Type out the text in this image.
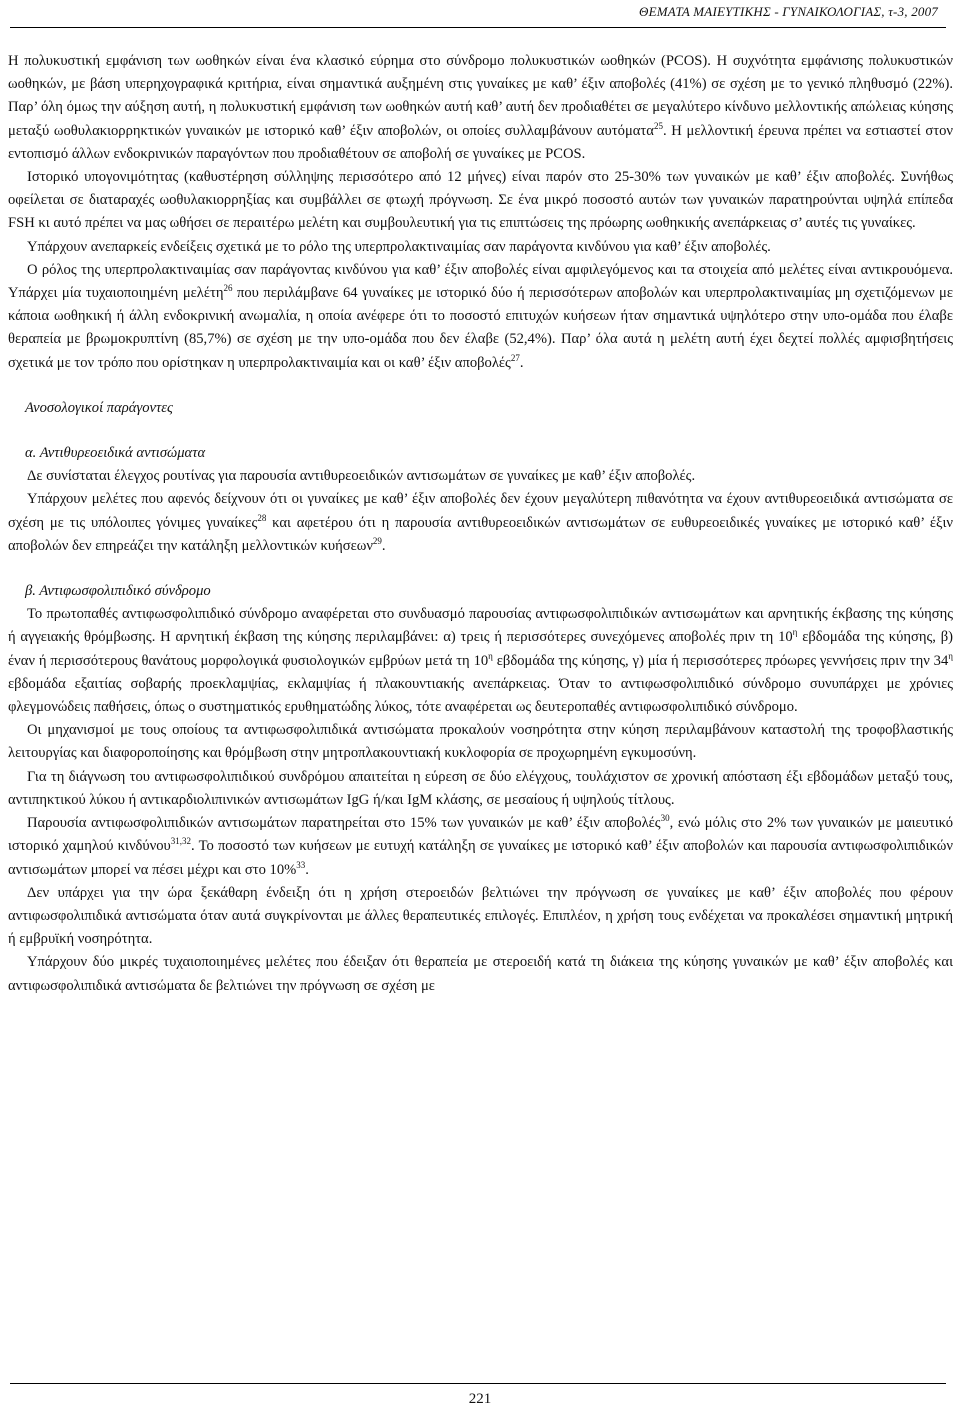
ΘΕΜΑΤΑ ΜΑΙΕΥΤΙΚΗΣ - ΓΥΝΑΙΚΟΛΟΓΙΑΣ, τ-3, 2007

Η πολυκυστική εμφάνιση των ωοθηκών είναι ένα κλασικό εύρημα στο σύνδρομο πολυκυστικών ωοθηκών (PCOS). Η συχνότητα εμφάνισης πολυκυστικών ωοθηκών, με βάση υπερηχογραφικά κριτήρια, είναι σημαντικά αυξημένη στις γυναίκες με καθ’ έξιν αποβολές (41%) σε σχέση με το γενικό πληθυσμό (22%). Παρ’ όλη όμως την αύξηση αυτή, η πολυκυστική εμφάνιση των ωοθηκών αυτή καθ’ αυτή δεν προδιαθέτει σε μεγαλύτερο κίνδυνο μελλοντικής απώλειας κύησης μεταξύ ωοθυλακιορρηκτικών γυναικών με ιστορικό καθ’ έξιν αποβολών, οι οποίες συλλαμβάνουν αυτόματα$^{25}$. Η μελλοντική έρευνα πρέπει να εστιαστεί στον εντοπισμό άλλων ενδοκρινικών παραγόντων που προδιαθέτουν σε αποβολή σε γυναίκες με PCOS.

Ιστορικό υπογονιμότητας (καθυστέρηση σύλληψης περισσότερο από 12 μήνες) είναι παρόν στο 25-30% των γυναικών με καθ’ έξιν αποβολές. Συνήθως οφείλεται σε διαταραχές ωοθυλακιορρηξίας και συμβάλλει σε φτωχή πρόγνωση. Σε ένα μικρό ποσοστό αυτών των γυναικών παρατηρούνται υψηλά επίπεδα FSH κι αυτό πρέπει να μας ωθήσει σε περαιτέρω μελέτη και συμβουλευτική για τις επιπτώσεις της πρόωρης ωοθηκικής ανεπάρκειας σ’ αυτές τις γυναίκες.

Υπάρχουν ανεπαρκείς ενδείξεις σχετικά με το ρόλο της υπερπρολακτιναιμίας σαν παράγοντα κινδύνου για καθ’ έξιν αποβολές.

Ο ρόλος της υπερπρολακτιναιμίας σαν παράγοντας κινδύνου για καθ’ έξιν αποβολές είναι αμφιλεγόμενος και τα στοιχεία από μελέτες είναι αντικρουόμενα. Υπάρχει μία τυχαιοποιημένη μελέτη$^{26}$ που περιλάμβανε 64 γυναίκες με ιστορικό δύο ή περισσότερων αποβολών και υπερπρολακτιναιμίας μη σχετιζόμενων με κάποια ωοθηκική ή άλλη ενδοκρινική ανωμαλία, η οποία ανέφερε ότι το ποσοστό επιτυχών κυήσεων ήταν σημαντικά υψηλότερο στην υπο-ομάδα που έλαβε θεραπεία με βρωμοκρυπτίνη (85,7%) σε σχέση με την υπο-ομάδα που δεν έλαβε (52,4%). Παρ’ όλα αυτά η μελέτη αυτή έχει δεχτεί πολλές αμφισβητήσεις σχετικά με τον τρόπο που ορίστηκαν η υπερπρολακτιναιμία και οι καθ’ έξιν αποβολές$^{27}$.

Ανοσολογικοί παράγοντες

α. Αντιθυρεοειδικά αντισώματα

Δε συνίσταται έλεγχος ρουτίνας για παρουσία αντιθυρεοειδικών αντισωμάτων σε γυναίκες με καθ’ έξιν αποβολές.

Υπάρχουν μελέτες που αφενός δείχνουν ότι οι γυναίκες με καθ’ έξιν αποβολές δεν έχουν μεγαλύτερη πιθανότητα να έχουν αντιθυρεοειδικά αντισώματα σε σχέση με τις υπόλοιπες γόνιμες γυναίκες$^{28}$ και αφετέρου ότι η παρουσία αντιθυρεοειδικών αντισωμάτων σε ευθυρεοειδικές γυναίκες με ιστορικό καθ’ έξιν αποβολών δεν επηρεάζει την κατάληξη μελλοντικών κυήσεων$^{29}$.

β. Αντιφωσφολιπιδικό σύνδρομο

Το πρωτοπαθές αντιφωσφολιπιδικό σύνδρομο αναφέρεται στο συνδυασμό παρουσίας αντιφωσφολιπιδικών αντισωμάτων και αρνητικής έκβασης της κύησης ή αγγειακής θρόμβωσης. Η αρνητική έκβαση της κύησης περιλαμβάνει: α) τρεις ή περισσότερες συνεχόμενες αποβολές πριν τη $10^\eta$ εβδομάδα της κύησης, β) έναν ή περισσότερους θανάτους μορφολογικά φυσιολογικών εμβρύων μετά τη $10^\eta$ εβδομάδα της κύησης, γ) μία ή περισσότερες πρόωρες γεννήσεις πριν την $34^\eta$ εβδομάδα εξαιτίας σοβαρής προεκλαμψίας, εκλαμψίας ή πλακουντιακής ανεπάρκειας. Όταν το αντιφωσφολιπιδικό σύνδρομο συνυπάρχει με χρόνιες φλεγμονώδεις παθήσεις, όπως ο συστηματικός ερυθηματώδης λύκος, τότε αναφέρεται ως δευτεροπαθές αντιφωσφολιπιδικό σύνδρομο.

Οι μηχανισμοί με τους οποίους τα αντιφωσφολιπιδικά αντισώματα προκαλούν νοσηρότητα στην κύηση περιλαμβάνουν καταστολή της τροφοβλαστικής λειτουργίας και διαφοροποίησης και θρόμβωση στην μητροπλακουντιακή κυκλοφορία σε προχωρημένη εγκυμοσύνη.

Για τη διάγνωση του αντιφωσφολιπιδικού συνδρόμου απαιτείται η εύρεση σε δύο ελέγχους, τουλάχιστον σε χρονική απόσταση έξι εβδομάδων μεταξύ τους, αντιπηκτικού λύκου ή αντικαρδιολιπινικών αντισωμάτων IgG ή/και IgM κλάσης, σε μεσαίους ή υψηλούς τίτλους.

Παρουσία αντιφωσφολιπιδικών αντισωμάτων παρατηρείται στο 15% των γυναικών με καθ’ έξιν αποβολές$^{30}$, ενώ μόλις στο 2% των γυναικών με μαιευτικό ιστορικό χαμηλού κινδύνου$^{31,32}$. Το ποσοστό των κυήσεων με ευτυχή κατάληξη σε γυναίκες με ιστορικό καθ’ έξιν αποβολών και παρουσία αντιφωσφολιπιδικών αντισωμάτων μπορεί να πέσει μέχρι και στο 10%$^{33}$.

Δεν υπάρχει για την ώρα ξεκάθαρη ένδειξη ότι η χρήση στεροειδών βελτιώνει την πρόγνωση σε γυναίκες με καθ’ έξιν αποβολές που φέρουν αντιφωσφολιπιδικά αντισώματα όταν αυτά συγκρίνονται με άλλες θεραπευτικές επιλογές. Επιπλέον, η χρήση τους ενδέχεται να προκαλέσει σημαντική μητρική ή εμβρυϊκή νοσηρότητα.

Υπάρχουν δύο μικρές τυχαιοποιημένες μελέτες που έδειξαν ότι θεραπεία με στεροειδή κατά τη διάκεια της κύησης γυναικών με καθ’ έξιν αποβολές και αντιφωσφολιπιδικά αντισώματα δε βελτιώνει την πρόγνωση σε σχέση με

221
